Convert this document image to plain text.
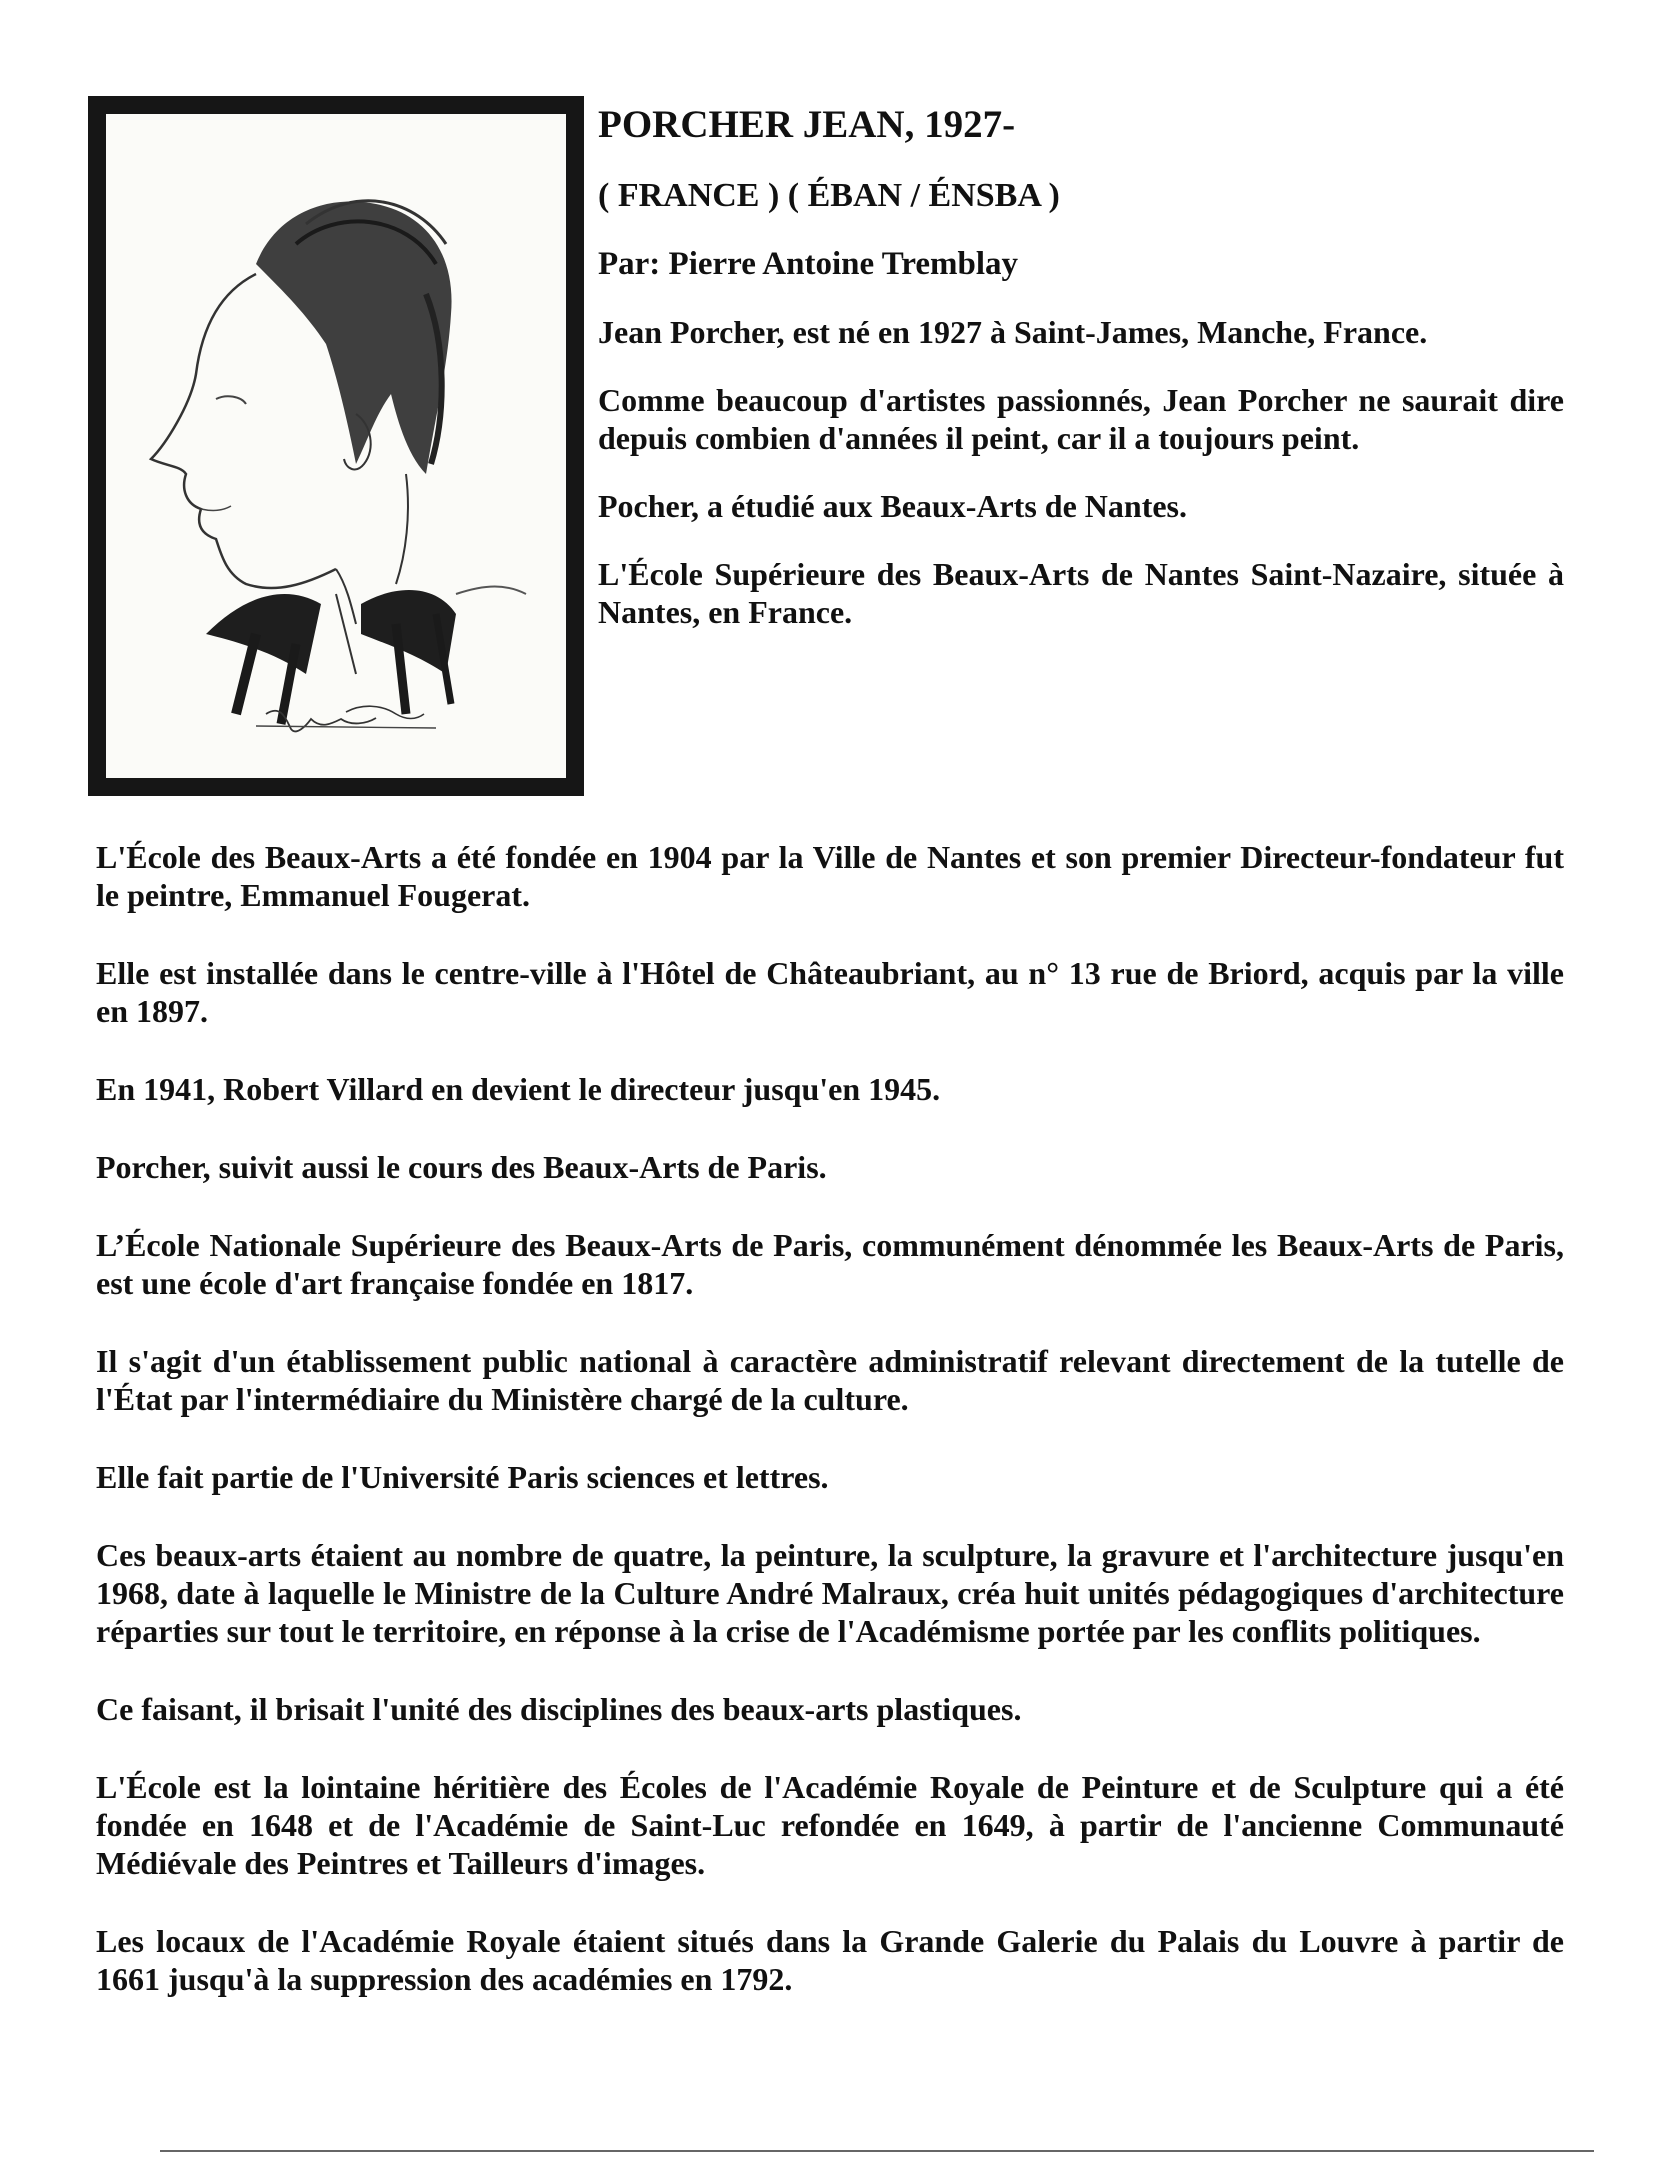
PORCHER JEAN, 1927-
( FRANCE ) ( ÉBAN / ÉNSBA )
Par: Pierre Antoine Tremblay

Jean Porcher, est né en 1927 à Saint-James, Manche, France.

Comme beaucoup d'artistes passionnés, Jean Porcher ne saurait dire depuis combien d'années il peint, car il a toujours peint.

Pocher, a étudié aux Beaux-Arts de Nantes.

L'École Supérieure des Beaux-Arts de Nantes Saint-Nazaire, située à Nantes, en France.

L'École des Beaux-Arts a été fondée en 1904 par la Ville de Nantes et son premier Directeur-fondateur fut le peintre, Emmanuel Fougerat.

Elle est installée dans le centre-ville à l'Hôtel de Châteaubriant, au n° 13 rue de Briord, acquis par la ville en 1897.

En 1941, Robert Villard en devient le directeur jusqu'en 1945.

Porcher, suivit aussi le cours des Beaux-Arts de Paris.

L’École Nationale Supérieure des Beaux-Arts de Paris, communément dénommée les Beaux-Arts de Paris, est une école d'art française fondée en 1817.

Il s'agit d'un établissement public national à caractère administratif relevant directement de la tutelle de l'État par l'intermédiaire du Ministère chargé de la culture.

Elle fait partie de l'Université Paris sciences et lettres.

Ces beaux-arts étaient au nombre de quatre, la peinture, la sculpture, la gravure et l'architecture jusqu'en 1968, date à laquelle le Ministre de la Culture André Malraux, créa huit unités pédagogiques d'architecture réparties sur tout le territoire, en réponse à la crise de l'Académisme portée par les conflits politiques.

Ce faisant, il brisait l'unité des disciplines des beaux-arts plastiques.

L'École est la lointaine héritière des Écoles de l'Académie Royale de Peinture et de Sculpture qui a été fondée en 1648 et de l'Académie de Saint-Luc refondée en 1649, à partir de l'ancienne Communauté Médiévale des Peintres et Tailleurs d'images.

Les locaux de l'Académie Royale étaient situés dans la Grande Galerie du Palais du Louvre à partir de 1661 jusqu'à la suppression des académies en 1792.
